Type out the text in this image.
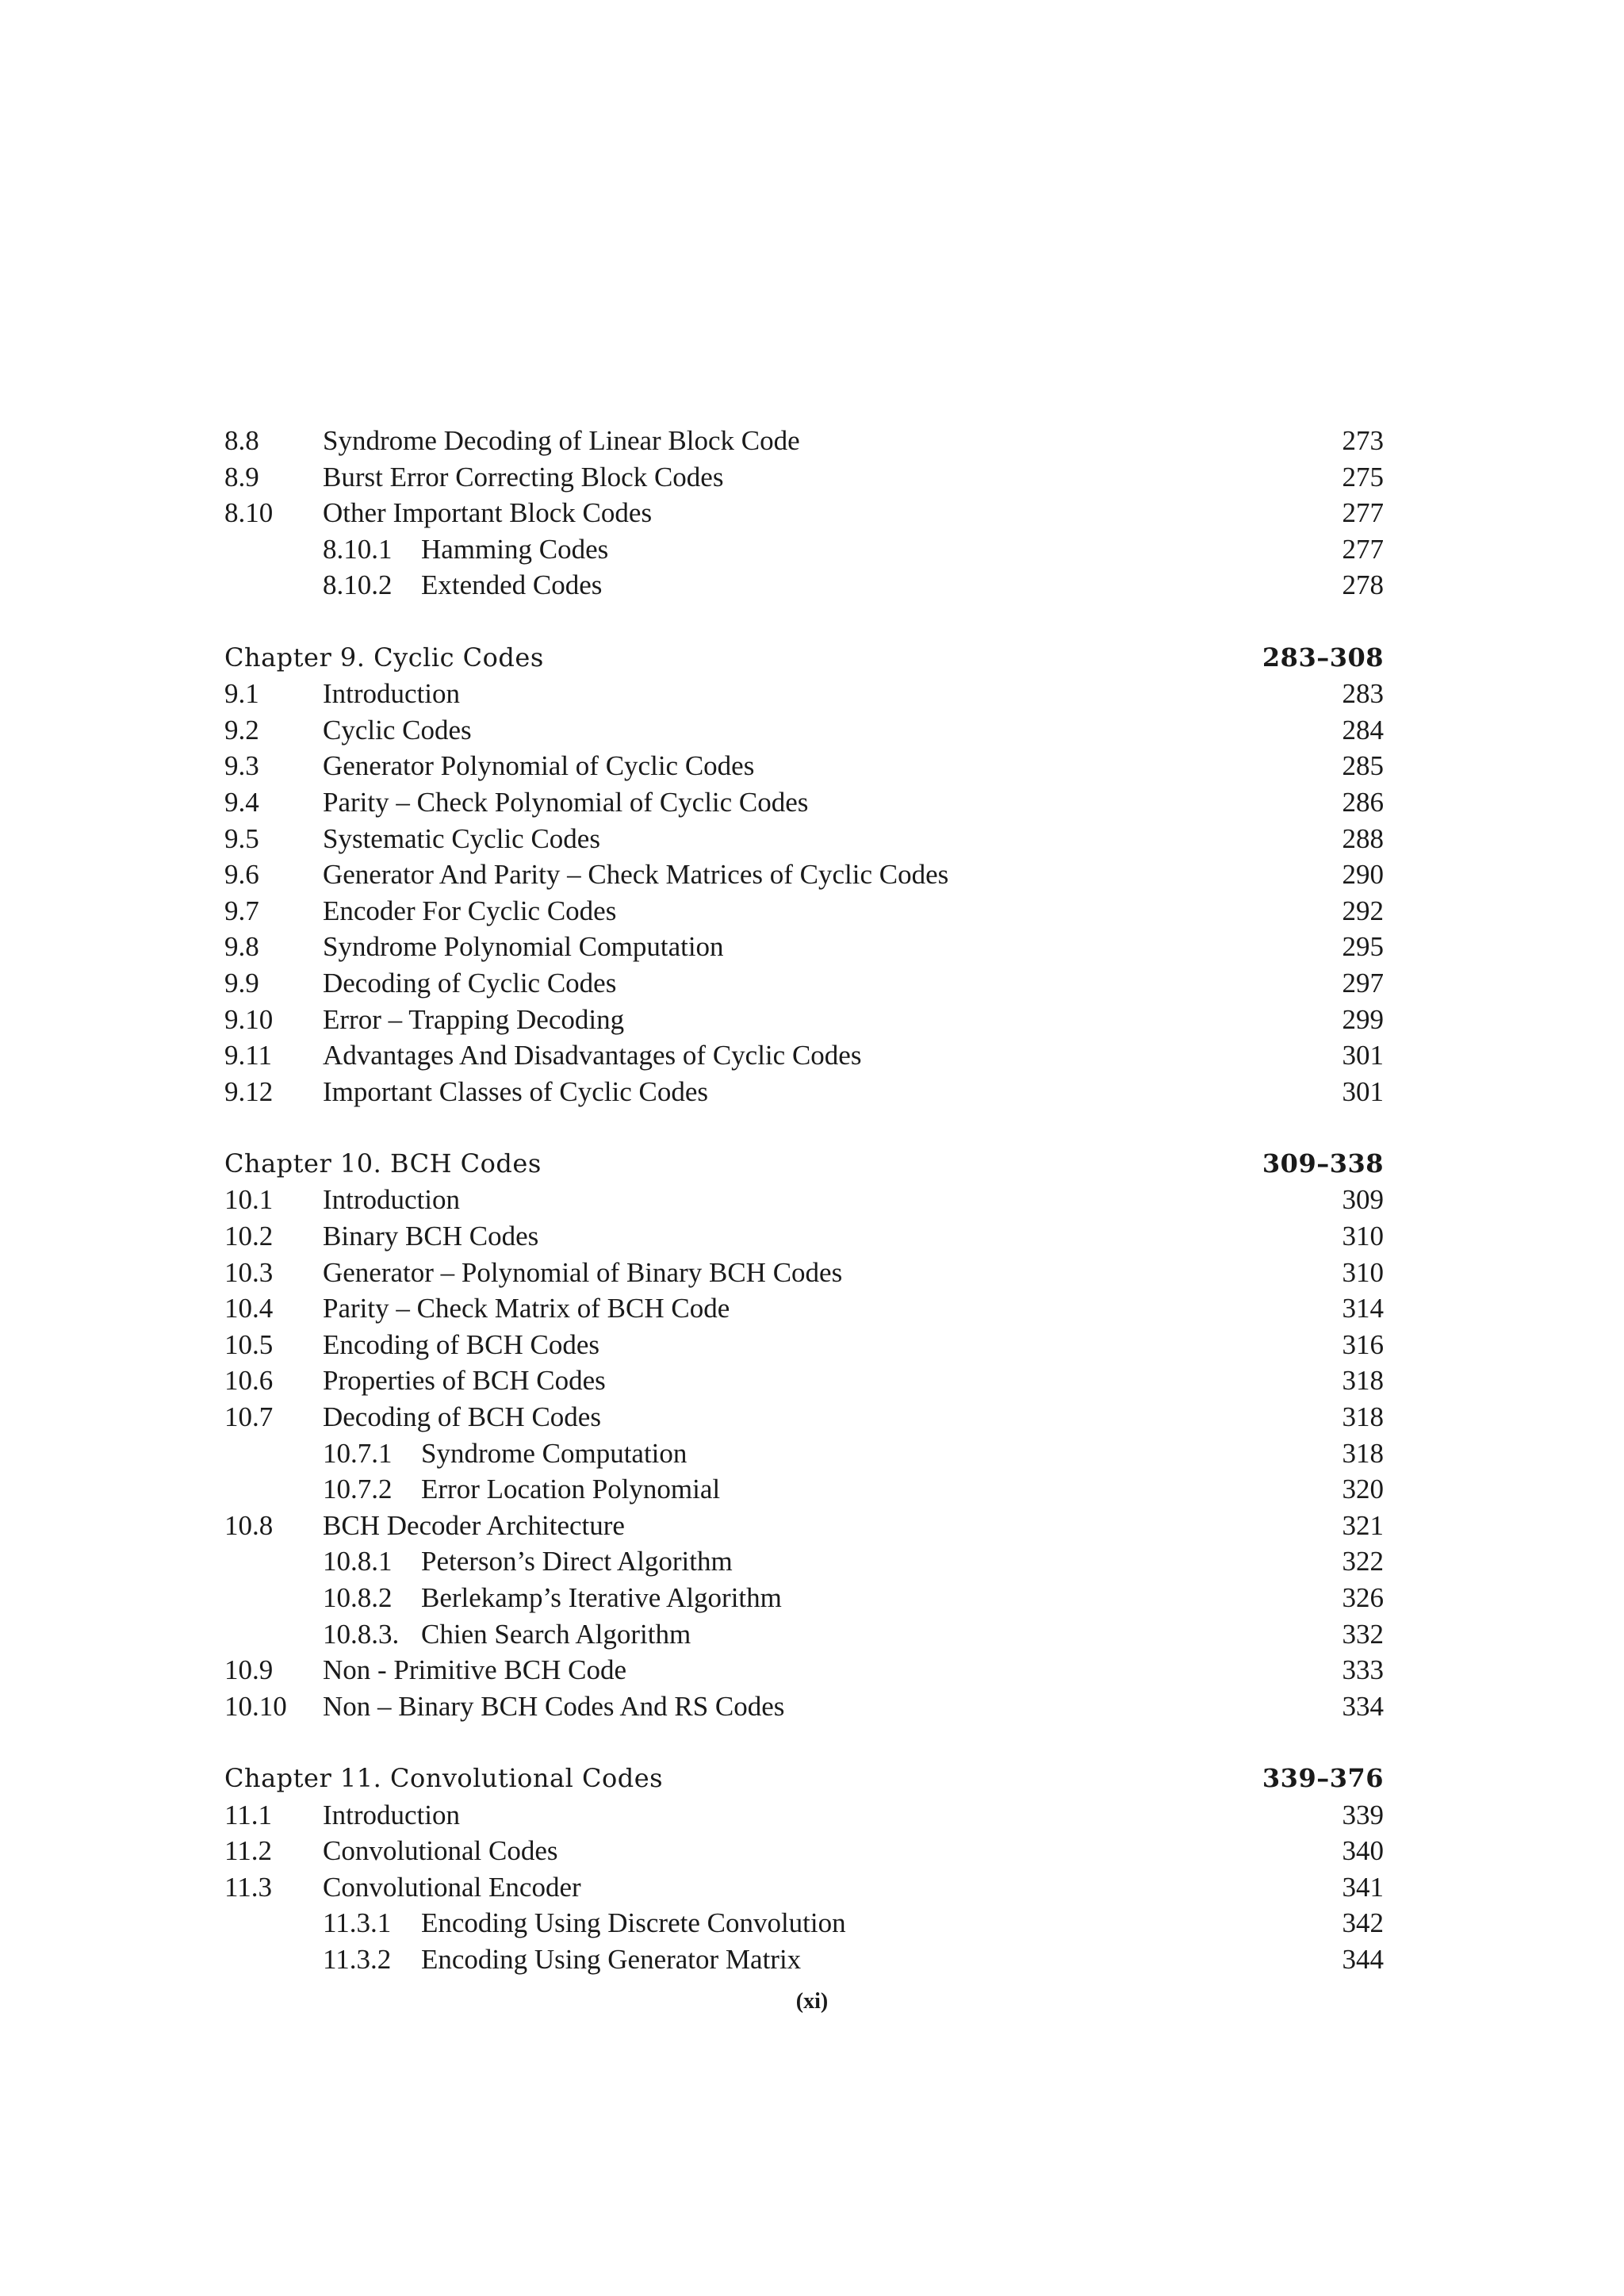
8.8 Syndrome Decoding of Linear Block Code	273
8.9 Burst Error Correcting Block Codes	275
8.10 Other Important Block Codes	277
8.10.1 Hamming Codes	277
8.10.2 Extended Codes	278
Chapter 9. Cyclic Codes	283–308
9.1 Introduction	283
9.2 Cyclic Codes	284
9.3 Generator Polynomial of Cyclic Codes	285
9.4 Parity – Check Polynomial of Cyclic Codes	286
9.5 Systematic Cyclic Codes	288
9.6 Generator And Parity – Check Matrices of Cyclic Codes	290
9.7 Encoder For Cyclic Codes	292
9.8 Syndrome Polynomial Computation	295
9.9 Decoding of Cyclic Codes	297
9.10 Error – Trapping Decoding	299
9.11 Advantages And Disadvantages of Cyclic Codes	301
9.12 Important Classes of Cyclic Codes	301
Chapter 10. BCH Codes	309–338
10.1 Introduction	309
10.2 Binary BCH Codes	310
10.3 Generator – Polynomial of Binary BCH Codes	310
10.4 Parity – Check Matrix of BCH Code	314
10.5 Encoding of BCH Codes	316
10.6 Properties of BCH Codes	318
10.7 Decoding of BCH Codes	318
10.7.1 Syndrome Computation	318
10.7.2 Error Location Polynomial	320
10.8 BCH Decoder Architecture	321
10.8.1 Peterson’s Direct Algorithm	322
10.8.2 Berlekamp’s Iterative Algorithm	326
10.8.3. Chien Search Algorithm	332
10.9 Non - Primitive BCH Code	333
10.10 Non – Binary BCH Codes And RS Codes	334
Chapter 11. Convolutional Codes	339–376
11.1 Introduction	339
11.2 Convolutional Codes	340
11.3 Convolutional Encoder	341
11.3.1 Encoding Using Discrete Convolution	342
11.3.2 Encoding Using Generator Matrix	344
(xi)
